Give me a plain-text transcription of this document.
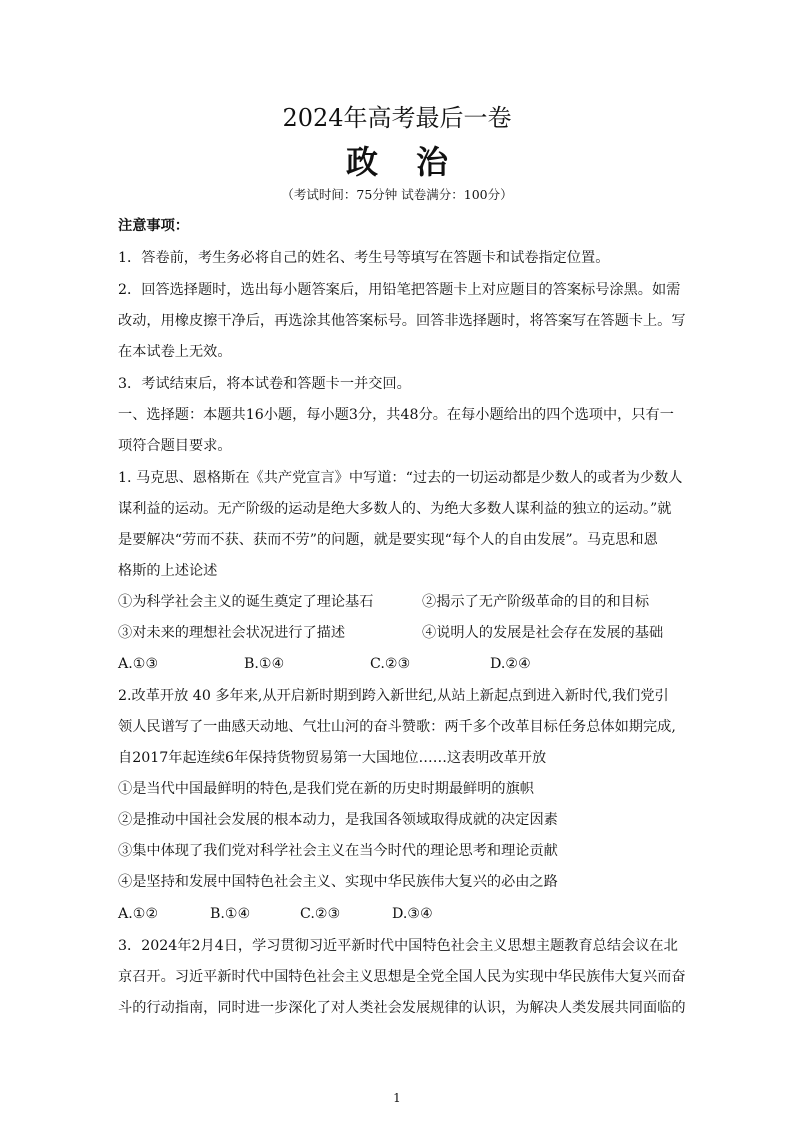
2024年高考最后一卷
政治
（考试时间：75分钟 试卷满分：100分）
注意事项：
1．答卷前，考生务必将自己的姓名、考生号等填写在答题卡和试卷指定位置。
2．回答选择题时，选出每小题答案后，用铅笔把答题卡上对应题目的答案标号涂黑。如需
改动，用橡皮擦干净后，再选涂其他答案标号。回答非选择题时，将答案写在答题卡上。写
在本试卷上无效。
3．考试结束后，将本试卷和答题卡一并交回。
一、选择题：本题共16小题，每小题3分，共48分。在每小题给出的四个选项中，只有一
项符合题目要求。
1. 马克思、恩格斯在《共产党宣言》中写道：“过去的一切运动都是少数人的或者为少数人
谋利益的运动。无产阶级的运动是绝大多数人的、为绝大多数人谋利益的独立的运动。”就
是要解决“劳而不获、获而不劳”的问题，就是要实现“每个人的自由发展”。马克思和恩
格斯的上述论述
①为科学社会主义的诞生奠定了理论基石	②揭示了无产阶级革命的目的和目标
③对未来的理想社会状况进行了描述	④说明人的发展是社会存在发展的基础
A.①③	B.①④	C.②③	D.②④
2.改革开放 40 多年来,从开启新时期到跨入新世纪,从站上新起点到进入新时代,我们党引
领人民谱写了一曲感天动地、气壮山河的奋斗赞歌：两千多个改革目标任务总体如期完成,
自2017年起连续6年保持货物贸易第一大国地位……这表明改革开放
①是当代中国最鲜明的特色,是我们党在新的历史时期最鲜明的旗帜
②是推动中国社会发展的根本动力，是我国各领域取得成就的决定因素
③集中体现了我们党对科学社会主义在当今时代的理论思考和理论贡献
④是坚持和发展中国特色社会主义、实现中华民族伟大复兴的必由之路
A.①②	B.①④	C.②③	D.③④
3．2024年2月4日，学习贯彻习近平新时代中国特色社会主义思想主题教育总结会议在北
京召开。习近平新时代中国特色社会主义思想是全党全国人民为实现中华民族伟大复兴而奋
斗的行动指南，同时进一步深化了对人类社会发展规律的认识，为解决人类发展共同面临的
1
